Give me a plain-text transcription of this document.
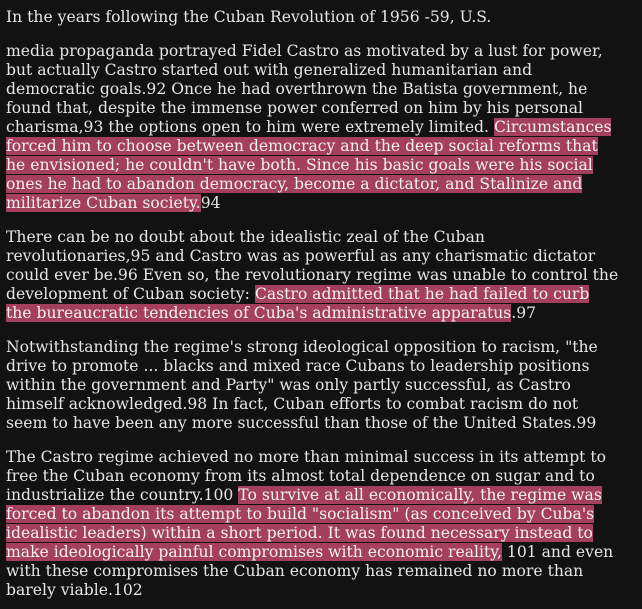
In the years following the Cuban Revolution of 1956 -59, U.S.
media propaganda portrayed Fidel Castro as motivated by a lust for power,
but actually Castro started out with generalized humanitarian and
democratic goals.92 Once he had overthrown the Batista government, he
found that, despite the immense power conferred on him by his personal
charisma,93 the options open to him were extremely limited. Circumstances
forced him to choose between democracy and the deep social reforms that
he envisioned; he couldn't have both. Since his basic goals were his social
ones he had to abandon democracy, become a dictator, and Stalinize and
militarize Cuban society.94
There can be no doubt about the idealistic zeal of the Cuban
revolutionaries,95 and Castro was as powerful as any charismatic dictator
could ever be.96 Even so, the revolutionary regime was unable to control the
development of Cuban society: Castro admitted that he had failed to curb
the bureaucratic tendencies of Cuba's administrative apparatus.97
Notwithstanding the regime's strong ideological opposition to racism, "the
drive to promote ... blacks and mixed race Cubans to leadership positions
within the government and Party" was only partly successful, as Castro
himself acknowledged.98 In fact, Cuban efforts to combat racism do not
seem to have been any more successful than those of the United States.99
The Castro regime achieved no more than minimal success in its attempt to
free the Cuban economy from its almost total dependence on sugar and to
industrialize the country.100 To survive at all economically, the regime was
forced to abandon its attempt to build "socialism" (as conceived by Cuba's
idealistic leaders) within a short period. It was found necessary instead to
make ideologically painful compromises with economic reality, 101 and even
with these compromises the Cuban economy has remained no more than
barely viable.102
